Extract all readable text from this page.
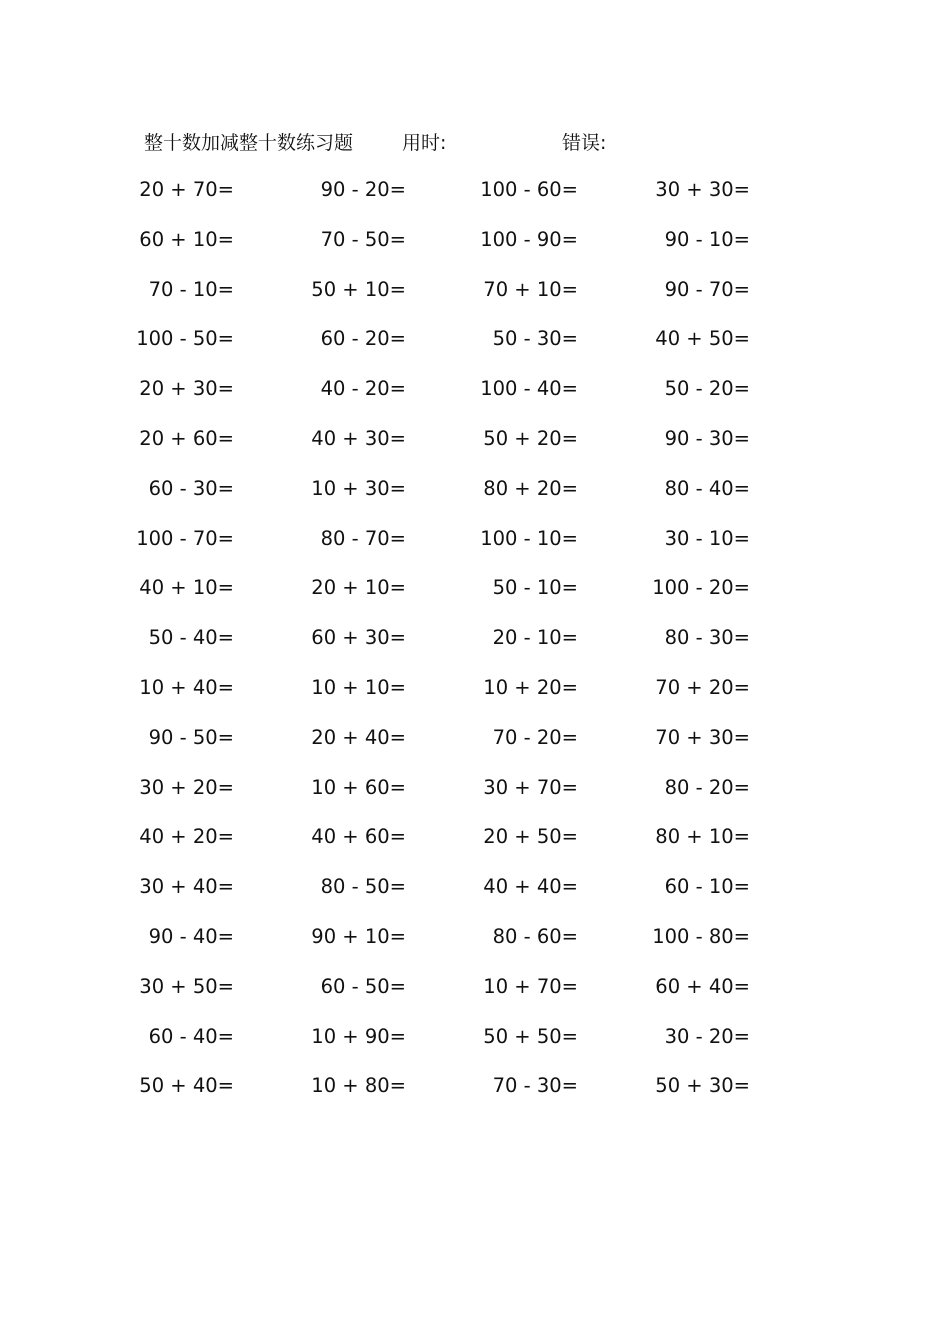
整十数加减整十数练习题	用时:	错误:
20 + 70=	90 - 20=	100 - 60=	30 + 30=
60 + 10=	70 - 50=	100 - 90=	90 - 10=
70 - 10=	50 + 10=	70 + 10=	90 - 70=
100 - 50=	60 - 20=	50 - 30=	40 + 50=
20 + 30=	40 - 20=	100 - 40=	50 - 20=
20 + 60=	40 + 30=	50 + 20=	90 - 30=
60 - 30=	10 + 30=	80 + 20=	80 - 40=
100 - 70=	80 - 70=	100 - 10=	30 - 10=
40 + 10=	20 + 10=	50 - 10=	100 - 20=
50 - 40=	60 + 30=	20 - 10=	80 - 30=
10 + 40=	10 + 10=	10 + 20=	70 + 20=
90 - 50=	20 + 40=	70 - 20=	70 + 30=
30 + 20=	10 + 60=	30 + 70=	80 - 20=
40 + 20=	40 + 60=	20 + 50=	80 + 10=
30 + 40=	80 - 50=	40 + 40=	60 - 10=
90 - 40=	90 + 10=	80 - 60=	100 - 80=
30 + 50=	60 - 50=	10 + 70=	60 + 40=
60 - 40=	10 + 90=	50 + 50=	30 - 20=
50 + 40=	10 + 80=	70 - 30=	50 + 30=
